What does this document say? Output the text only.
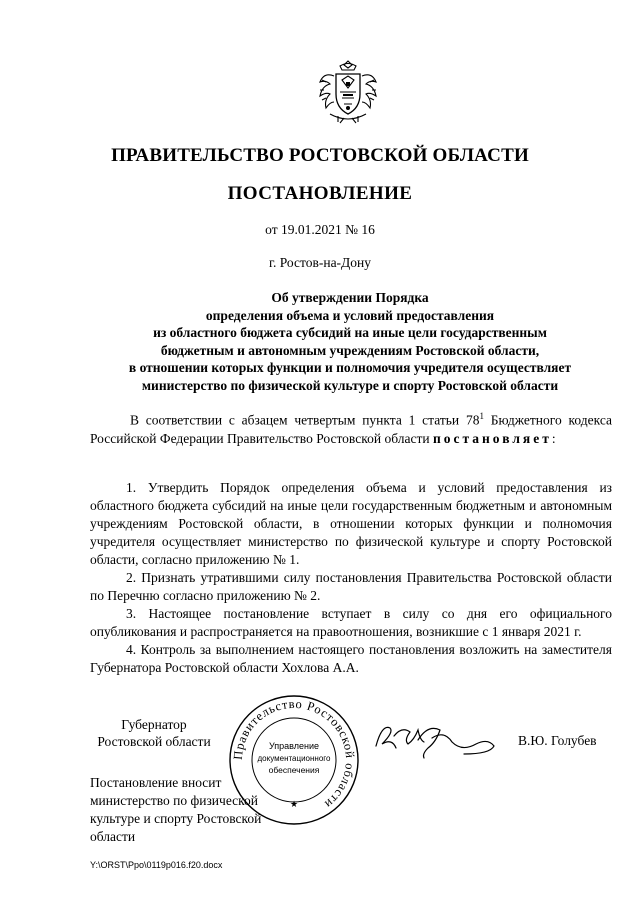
ПРАВИТЕЛЬСТВО РОСТОВСКОЙ ОБЛАСТИ
ПОСТАНОВЛЕНИЕ
от 19.01.2021 № 16
г. Ростов-на-Дону
Об утверждении Порядка
определения объема и условий предоставления
из областного бюджета субсидий на иные цели государственным
бюджетным и автономным учреждениям Ростовской области,
в отношении которых функции и полномочия учредителя осуществляет
министерство по физической культуре и спорту Ростовской области
В соответствии с абзацем четвертым пункта 1 статьи $78^1$ Бюджетного кодекса Российской Федерации Правительство Ростовской области постановляет:

1. Утвердить Порядок определения объема и условий предоставления из областного бюджета субсидий на иные цели государственным бюджетным и автономным учреждениям Ростовской области, в отношении которых функции и полномочия учредителя осуществляет министерство по физической культуре и спорту Ростовской области, согласно приложению № 1.

2. Признать утратившими силу постановления Правительства Ростовской области по Перечню согласно приложению № 2.

3. Настоящее постановление вступает в силу со дня его официального опубликования и распространяется на правоотношения, возникшие с 1 января 2021 г.

4. Контроль за выполнением настоящего постановления возложить на заместителя Губернатора Ростовской области Хохлова А.А.

Губернатор
Ростовской области
Правительство Ростовской области
Управление
документационного
обеспечения
★
В.Ю. Голубев
Постановление вносит
министерство по физической
культуре и спорту Ростовской
области
Y:\ORST\Ppo\0119p016.f20.docx
